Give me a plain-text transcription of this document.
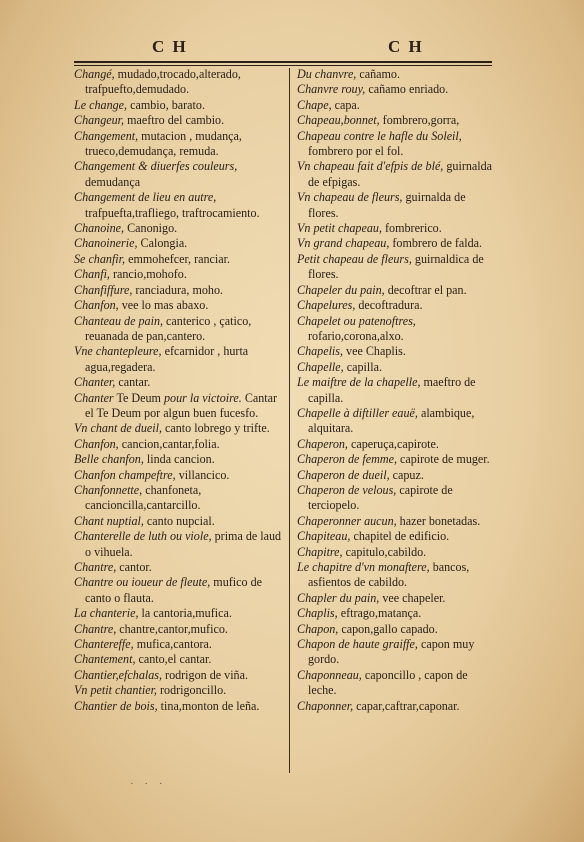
C H	C H

Changé, mudado,trocado,alterado, trafpuefto,demudado.

Le change, cambio, barato.

Changeur, maeftro del cambio.

Changement, mutacion , mudança, trueco,demudança, remuda.

Changement & diuerfes couleurs, demudança

Changement de lieu en autre, trafpuefta,trafliego, traftrocamiento.

Chanoine, Canonigo.

Chanoinerie, Calongia.

Se chanfir, emmohefcer, ranciar.

Chanfi, rancio,mohofo.

Chanfiffure, ranciadura, moho.

Chanfon, vee lo mas abaxo.

Chanteau de pain, canterico , çatico, reuanada de pan,cantero.

Vne chantepleure, efcarnidor , hurta agua,regadera.

Chanter, cantar.

Chanter Te Deum pour la victoire. Cantar el Te Deum por algun buen fucesfo.

Vn chant de dueil, canto lobrego y trifte.

Chanfon, cancion,cantar,folia.

Belle chanfon, linda cancion.

Chanfon champeftre, villancico.

Chanfonnette, chanfoneta, cancioncilla,cantarcillo.

Chant nuptial, canto nupcial.

Chanterelle de luth ou viole, prima de laud o vihuela.

Chantre, cantor.

Chantre ou ioueur de fleute, mufico de canto o flauta.

La chanterie, la cantoria,mufica.

Chantre, chantre,cantor,mufico.

Chantereffe, mufica,cantora.

Chantement, canto,el cantar.

Chantier,efchalas, rodrigon de viña.

Vn petit chantier, rodrigoncillo.

Chantier de bois, tina,monton de leña.

Du chanvre, cañamo.

Chanvre rouy, cañamo enriado.

Chape, capa.

Chapeau,bonnet, fombrero,gorra,

Chapeau contre le hafle du Soleil, fombrero por el fol.

Vn chapeau fait d'efpis de blé, guirnalda de efpigas.

Vn chapeau de fleurs, guirnalda de flores.

Vn petit chapeau, fombrerico.

Vn grand chapeau, fombrero de falda.

Petit chapeau de fleurs, guirnaldica de flores.

Chapeler du pain, decoftrar el pan.

Chapelures, decoftradura.

Chapelet ou patenoftres, rofario,corona,alxo.

Chapelis, vee Chaplis.

Chapelle, capilla.

Le maiftre de la chapelle, maeftro de capilla.

Chapelle à diftiller eauë, alambique, alquitara.

Chaperon, caperuça,capirote.

Chaperon de femme, capirote de muger.

Chaperon de dueil, capuz.

Chaperon de velous, capirote de terciopelo.

Chaperonner aucun, hazer bonetadas.

Chapiteau, chapitel de edificio.

Chapitre, capitulo,cabildo.

Le chapitre d'vn monaftere, bancos, asfientos de cabildo.

Chapler du pain, vee chapeler.

Chaplis, eftrago,matança.

Chapon, capon,gallo capado.

Chapon de haute graiffe, capon muy gordo.

Chaponneau, caponcillo , capon de leche.

Chaponner, capar,caftrar,caponar.

· · ·
